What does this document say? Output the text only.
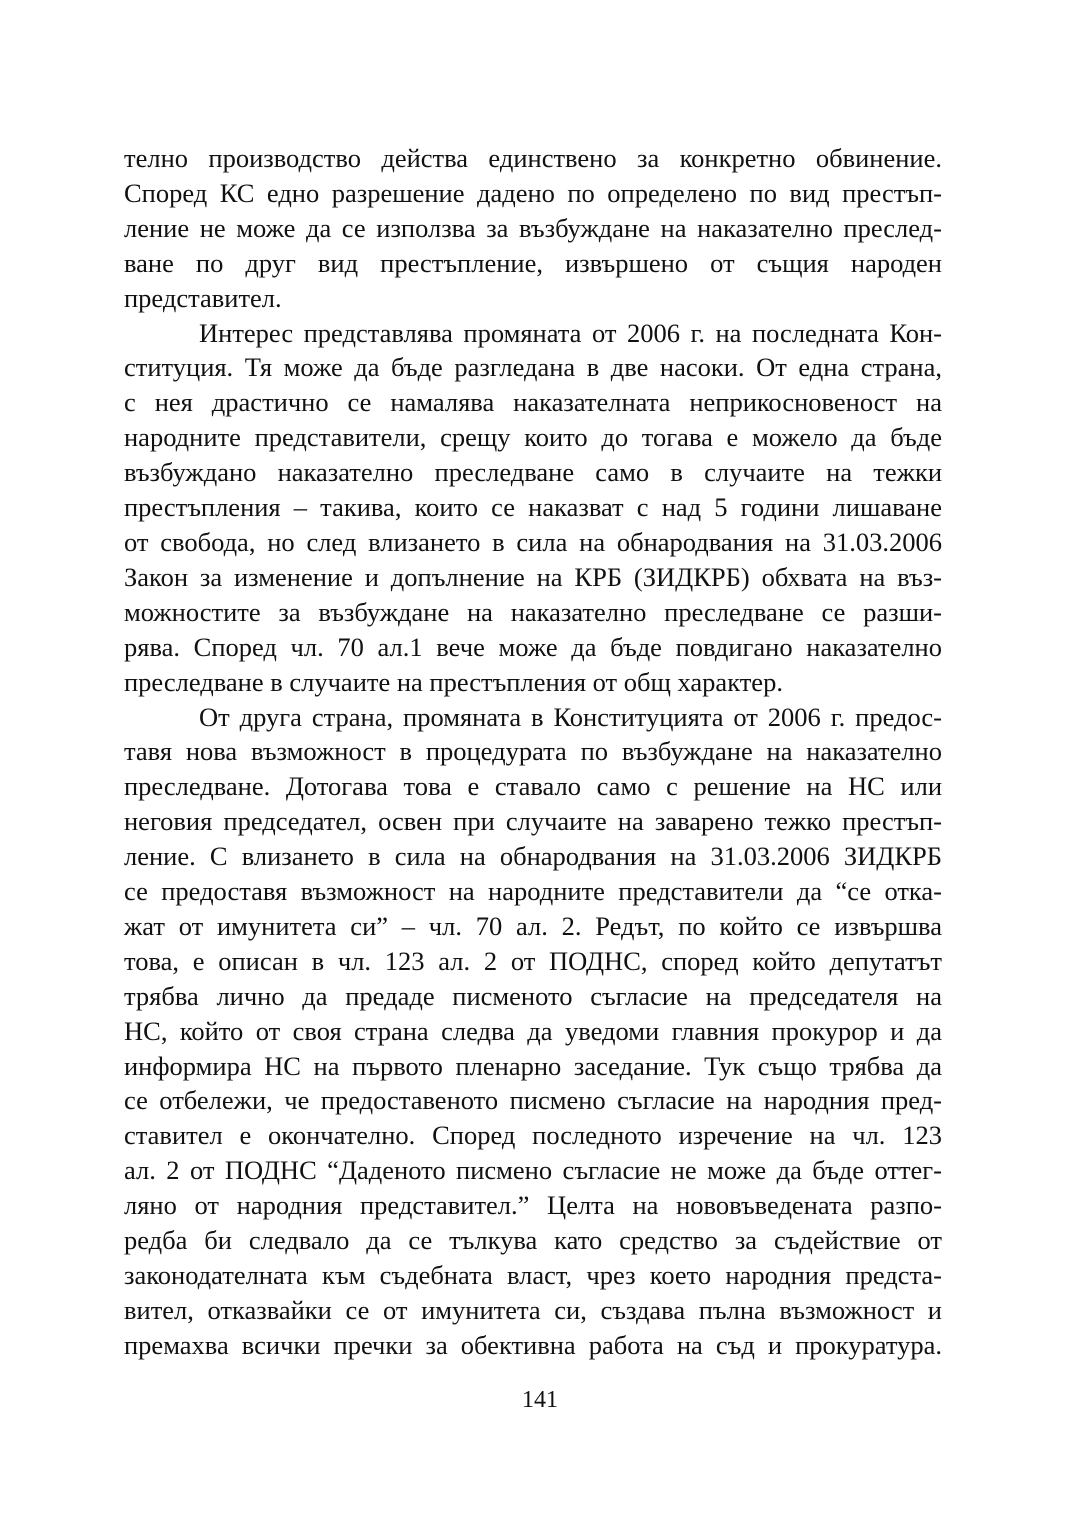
телно производство действа единствено за конкретно обвинение.
Според КС едно разрешение дадено по определено по вид престъп-
ление не може да се използва за възбуждане на наказателно преслед-
ване по друг вид престъпление, извършено от същия народен
представител.

Интерес представлява промяната от 2006 г. на последната Кон-
ституция. Тя може да бъде разгледана в две насоки. От една страна,
с нея драстично се намалява наказателната неприкосновеност на
народните представители, срещу които до тогава е можело да бъде
възбуждано наказателно преследване само в случаите на тежки
престъпления – такива, които се наказват с над 5 години лишаване
от свобода, но след влизането в сила на обнародвания на 31.03.2006
Закон за изменение и допълнение на КРБ (ЗИДКРБ) обхвата на въз-
можностите за възбуждане на наказателно преследване се разши-
рява. Според чл. 70 ал.1 вече може да бъде повдигано наказателно
преследване в случаите на престъпления от общ характер.

От друга страна, промяната в Конституцията от 2006 г. предос-
тавя нова възможност в процедурата по възбуждане на наказателно
преследване. Дотогава това е ставало само с решение на НС или
неговия председател, освен при случаите на заварено тежко престъп-
ление. С влизането в сила на обнародвания на 31.03.2006 ЗИДКРБ
се предоставя възможност на народните представители да “се отка-
жат от имунитета си” – чл. 70 ал. 2. Редът, по който се извършва
това, е описан в чл. 123 ал. 2 от ПОДНС, според който депутатът
трябва лично да предаде писменото съгласие на председателя на
НС, който от своя страна следва да уведоми главния прокурор и да
информира НС на първото пленарно заседание. Тук също трябва да
се отбележи, че предоставеното писмено съгласие на народния пред-
ставител е окончателно. Според последното изречение на чл. 123
ал. 2 от ПОДНС “Даденото писмено съгласие не може да бъде оттег-
ляно от народния представител.” Целта на нововъведената разпо-
редба би следвало да се тълкува като средство за съдействие от
законодателната към съдебната власт, чрез което народния предста-
вител, отказвайки се от имунитета си, създава пълна възможност и
премахва всички пречки за обективна работа на съд и прокуратура.

141
